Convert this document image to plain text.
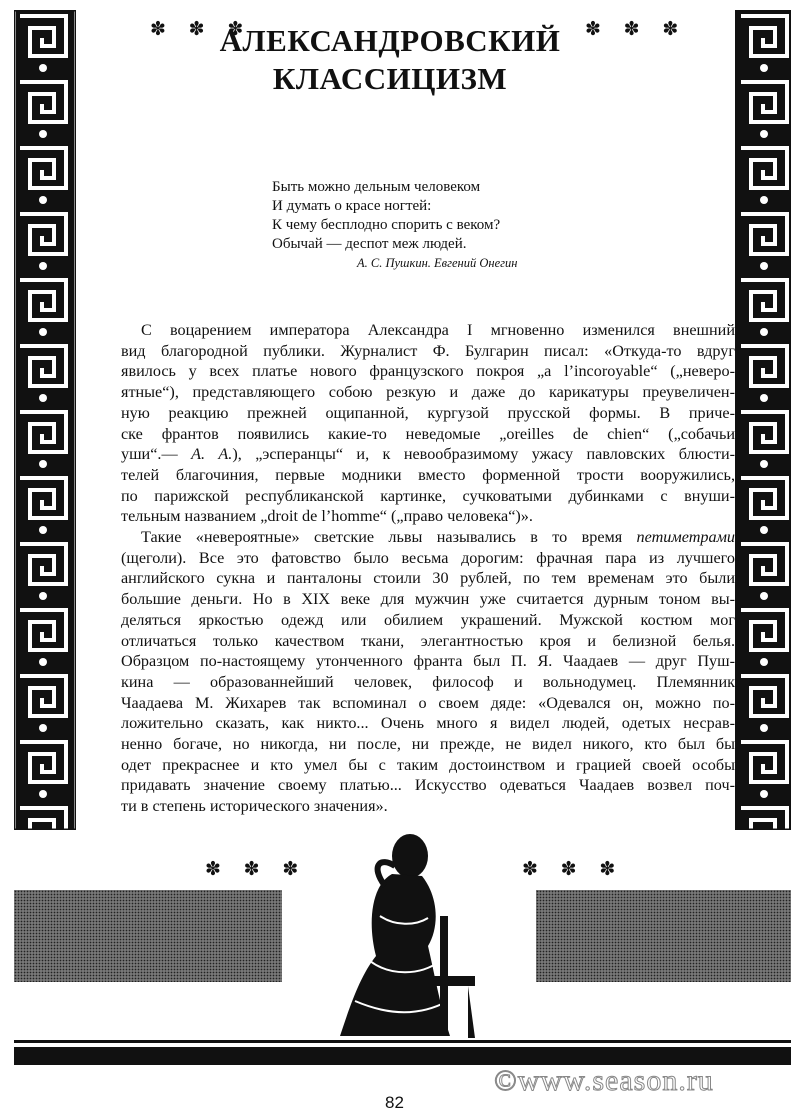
✽ ✽ ✽	✽ ✽ ✽
АЛЕКСАНДРОВСКИЙ
КЛАССИЦИЗМ
Быть можно дельным человеком
И думать о красе ногтей:
К чему бесплодно спорить с веком?
Обычай — деспот меж людей.
А. С. Пушкин. Евгений Онегин
С воцарением императора Александра I мгновенно изменился внешний
вид благородной публики. Журналист Ф. Булгарин писал: «Откуда-то вдруг
явилось у всех платье нового французского покроя „a l’incoroyable“ („неверо-
ятные“), представляющего собою резкую и даже до карикатуры преувеличен-
ную реакцию прежней ощипанной, кургузой прусской формы. В приче-
ске франтов появились какие-то неведомые „oreilles de chien“ („собачьи
уши“.— А. А.), „эсперанцы“ и, к невообразимому ужасу павловских блюсти-
телей благочиния, первые модники вместо форменной трости вооружились,
по парижской республиканской картинке, сучковатыми дубинками с внуши-
тельным названием „droit de l’homme“ („право человека“)».
Такие «невероятные» светские львы назывались в то время петиметрами
(щеголи). Все это фатовство было весьма дорогим: фрачная пара из лучшего
английского сукна и панталоны стоили 30 рублей, по тем временам это были
большие деньги. Но в XIX веке для мужчин уже считается дурным тоном вы-
деляться яркостью одежд или обилием украшений. Мужской костюм мог
отличаться только качеством ткани, элегантностью кроя и белизной белья.
Образцом по-настоящему утонченного франта был П. Я. Чаадаев — друг Пуш-
кина — образованнейший человек, философ и вольнодумец. Племянник
Чаадаева М. Жихарев так вспоминал о своем дяде: «Одевался он, можно по-
ложительно сказать, как никто... Очень много я видел людей, одетых несрав-
ненно богаче, но никогда, ни после, ни прежде, не видел никого, кто был бы
одет прекраснее и кто умел бы с таким достоинством и грацией своей особы
придавать значение своему платью... Искусство одеваться Чаадаев возвел поч-
ти в степень исторического значения».
✽ ✽ ✽	✽ ✽ ✽
©www.season.ru
82
